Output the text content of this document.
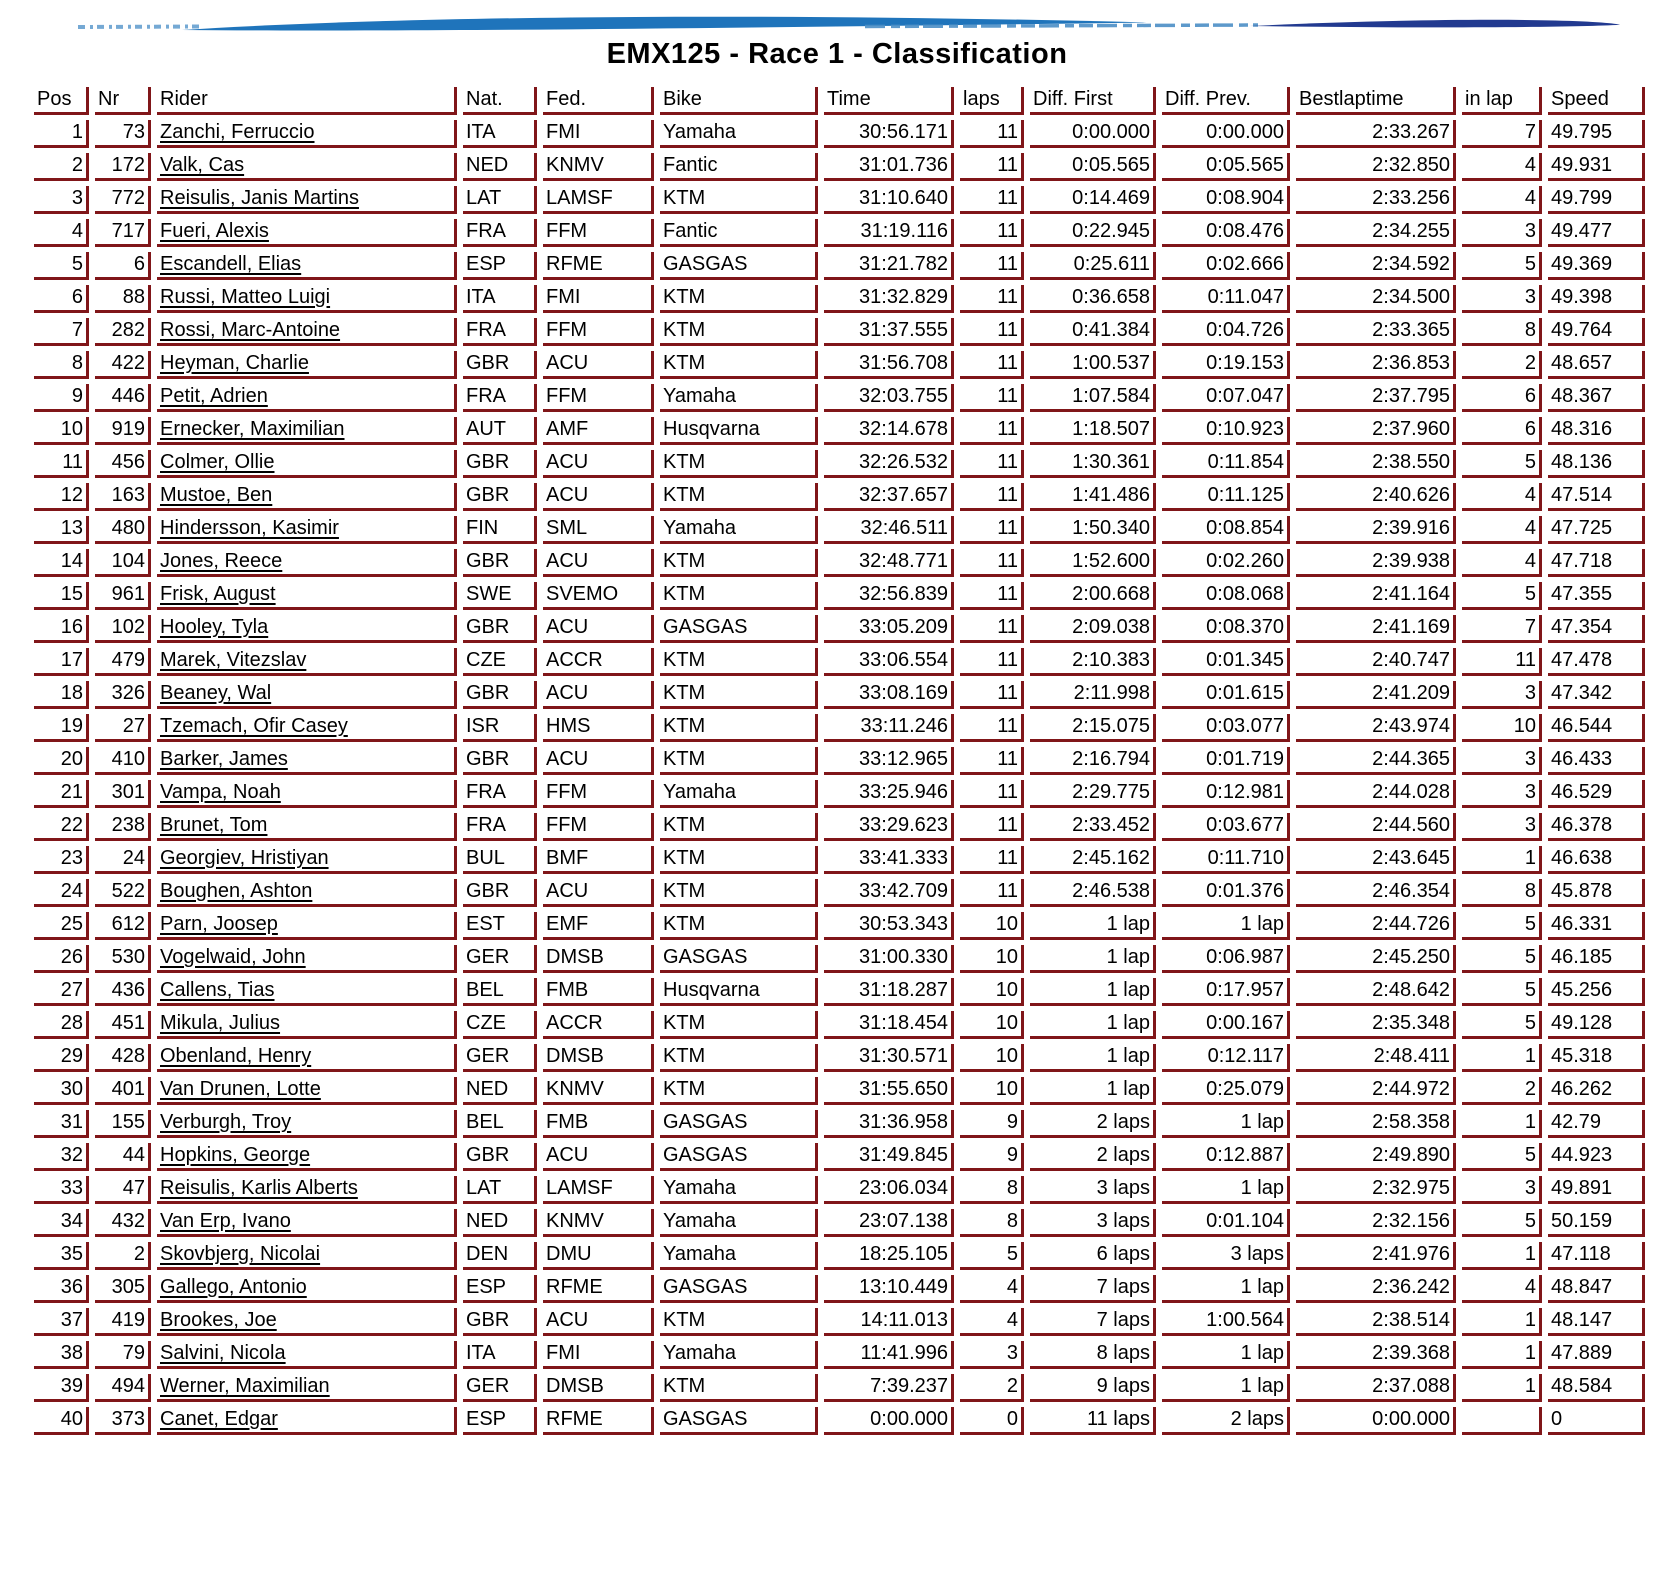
EMX125 - Race 1 - Classification
Pos	Nr	Rider	Nat.	Fed.	Bike	Time	laps	Diff. First	Diff. Prev.	Bestlaptime	in lap	Speed
1	73	Zanchi, Ferruccio	ITA	FMI	Yamaha	30:56.171	11	0:00.000	0:00.000	2:33.267	7	49.795
2	172	Valk, Cas	NED	KNMV	Fantic	31:01.736	11	0:05.565	0:05.565	2:32.850	4	49.931
3	772	Reisulis, Janis Martins	LAT	LAMSF	KTM	31:10.640	11	0:14.469	0:08.904	2:33.256	4	49.799
4	717	Fueri, Alexis	FRA	FFM	Fantic	31:19.116	11	0:22.945	0:08.476	2:34.255	3	49.477
5	6	Escandell, Elias	ESP	RFME	GASGAS	31:21.782	11	0:25.611	0:02.666	2:34.592	5	49.369
6	88	Russi, Matteo Luigi	ITA	FMI	KTM	31:32.829	11	0:36.658	0:11.047	2:34.500	3	49.398
7	282	Rossi, Marc-Antoine	FRA	FFM	KTM	31:37.555	11	0:41.384	0:04.726	2:33.365	8	49.764
8	422	Heyman, Charlie	GBR	ACU	KTM	31:56.708	11	1:00.537	0:19.153	2:36.853	2	48.657
9	446	Petit, Adrien	FRA	FFM	Yamaha	32:03.755	11	1:07.584	0:07.047	2:37.795	6	48.367
10	919	Ernecker, Maximilian	AUT	AMF	Husqvarna	32:14.678	11	1:18.507	0:10.923	2:37.960	6	48.316
11	456	Colmer, Ollie	GBR	ACU	KTM	32:26.532	11	1:30.361	0:11.854	2:38.550	5	48.136
12	163	Mustoe, Ben	GBR	ACU	KTM	32:37.657	11	1:41.486	0:11.125	2:40.626	4	47.514
13	480	Hindersson, Kasimir	FIN	SML	Yamaha	32:46.511	11	1:50.340	0:08.854	2:39.916	4	47.725
14	104	Jones, Reece	GBR	ACU	KTM	32:48.771	11	1:52.600	0:02.260	2:39.938	4	47.718
15	961	Frisk, August	SWE	SVEMO	KTM	32:56.839	11	2:00.668	0:08.068	2:41.164	5	47.355
16	102	Hooley, Tyla	GBR	ACU	GASGAS	33:05.209	11	2:09.038	0:08.370	2:41.169	7	47.354
17	479	Marek, Vitezslav	CZE	ACCR	KTM	33:06.554	11	2:10.383	0:01.345	2:40.747	11	47.478
18	326	Beaney, Wal	GBR	ACU	KTM	33:08.169	11	2:11.998	0:01.615	2:41.209	3	47.342
19	27	Tzemach, Ofir Casey	ISR	HMS	KTM	33:11.246	11	2:15.075	0:03.077	2:43.974	10	46.544
20	410	Barker, James	GBR	ACU	KTM	33:12.965	11	2:16.794	0:01.719	2:44.365	3	46.433
21	301	Vampa, Noah	FRA	FFM	Yamaha	33:25.946	11	2:29.775	0:12.981	2:44.028	3	46.529
22	238	Brunet, Tom	FRA	FFM	KTM	33:29.623	11	2:33.452	0:03.677	2:44.560	3	46.378
23	24	Georgiev, Hristiyan	BUL	BMF	KTM	33:41.333	11	2:45.162	0:11.710	2:43.645	1	46.638
24	522	Boughen, Ashton	GBR	ACU	KTM	33:42.709	11	2:46.538	0:01.376	2:46.354	8	45.878
25	612	Parn, Joosep	EST	EMF	KTM	30:53.343	10	1 lap	1 lap	2:44.726	5	46.331
26	530	Vogelwaid, John	GER	DMSB	GASGAS	31:00.330	10	1 lap	0:06.987	2:45.250	5	46.185
27	436	Callens, Tias	BEL	FMB	Husqvarna	31:18.287	10	1 lap	0:17.957	2:48.642	5	45.256
28	451	Mikula, Julius	CZE	ACCR	KTM	31:18.454	10	1 lap	0:00.167	2:35.348	5	49.128
29	428	Obenland, Henry	GER	DMSB	KTM	31:30.571	10	1 lap	0:12.117	2:48.411	1	45.318
30	401	Van Drunen, Lotte	NED	KNMV	KTM	31:55.650	10	1 lap	0:25.079	2:44.972	2	46.262
31	155	Verburgh, Troy	BEL	FMB	GASGAS	31:36.958	9	2 laps	1 lap	2:58.358	1	42.79
32	44	Hopkins, George	GBR	ACU	GASGAS	31:49.845	9	2 laps	0:12.887	2:49.890	5	44.923
33	47	Reisulis, Karlis Alberts	LAT	LAMSF	Yamaha	23:06.034	8	3 laps	1 lap	2:32.975	3	49.891
34	432	Van Erp, Ivano	NED	KNMV	Yamaha	23:07.138	8	3 laps	0:01.104	2:32.156	5	50.159
35	2	Skovbjerg, Nicolai	DEN	DMU	Yamaha	18:25.105	5	6 laps	3 laps	2:41.976	1	47.118
36	305	Gallego, Antonio	ESP	RFME	GASGAS	13:10.449	4	7 laps	1 lap	2:36.242	4	48.847
37	419	Brookes, Joe	GBR	ACU	KTM	14:11.013	4	7 laps	1:00.564	2:38.514	1	48.147
38	79	Salvini, Nicola	ITA	FMI	Yamaha	11:41.996	3	8 laps	1 lap	2:39.368	1	47.889
39	494	Werner, Maximilian	GER	DMSB	KTM	7:39.237	2	9 laps	1 lap	2:37.088	1	48.584
40	373	Canet, Edgar	ESP	RFME	GASGAS	0:00.000	0	11 laps	2 laps	0:00.000		0
